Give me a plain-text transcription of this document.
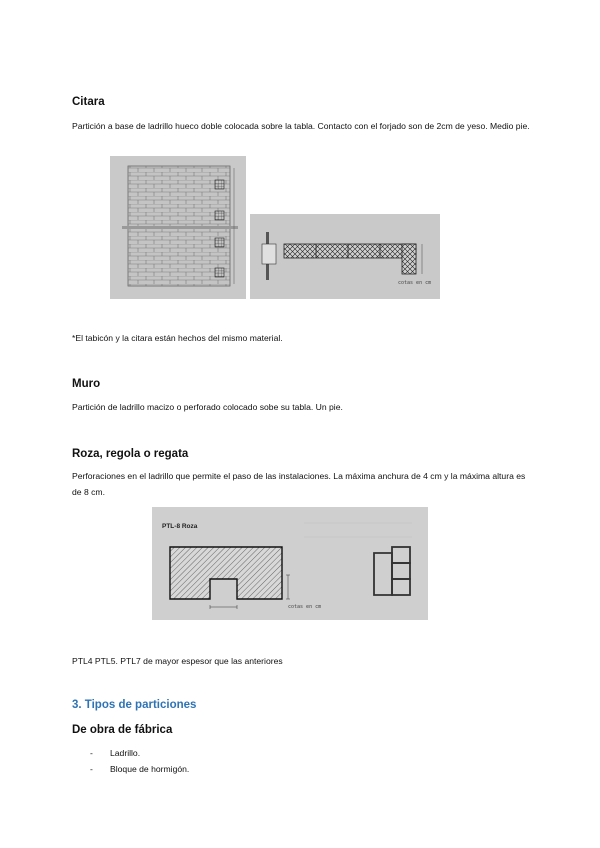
Citara

Partición a base de ladrillo hueco doble colocada sobre la tabla. Contacto con el forjado son de 2cm de yeso. Medio pie.

cotas en cm

*El tabicón y la citara están hechos del mismo material.

Muro

Partición de ladrillo macizo o perforado colocado sobe su tabla. Un pie.

Roza, regola o regata

Perforaciones en el ladrillo que permite el paso de las instalaciones. La máxima anchura de 4 cm y la máxima altura es de 8 cm.

PTL-8 Roza
cotas en cm

PTL4 PTL5. PTL7 de mayor espesor que las anteriores

3. Tipos de particiones
De obra de fábrica
- Ladrillo.
- Bloque de hormigón.
